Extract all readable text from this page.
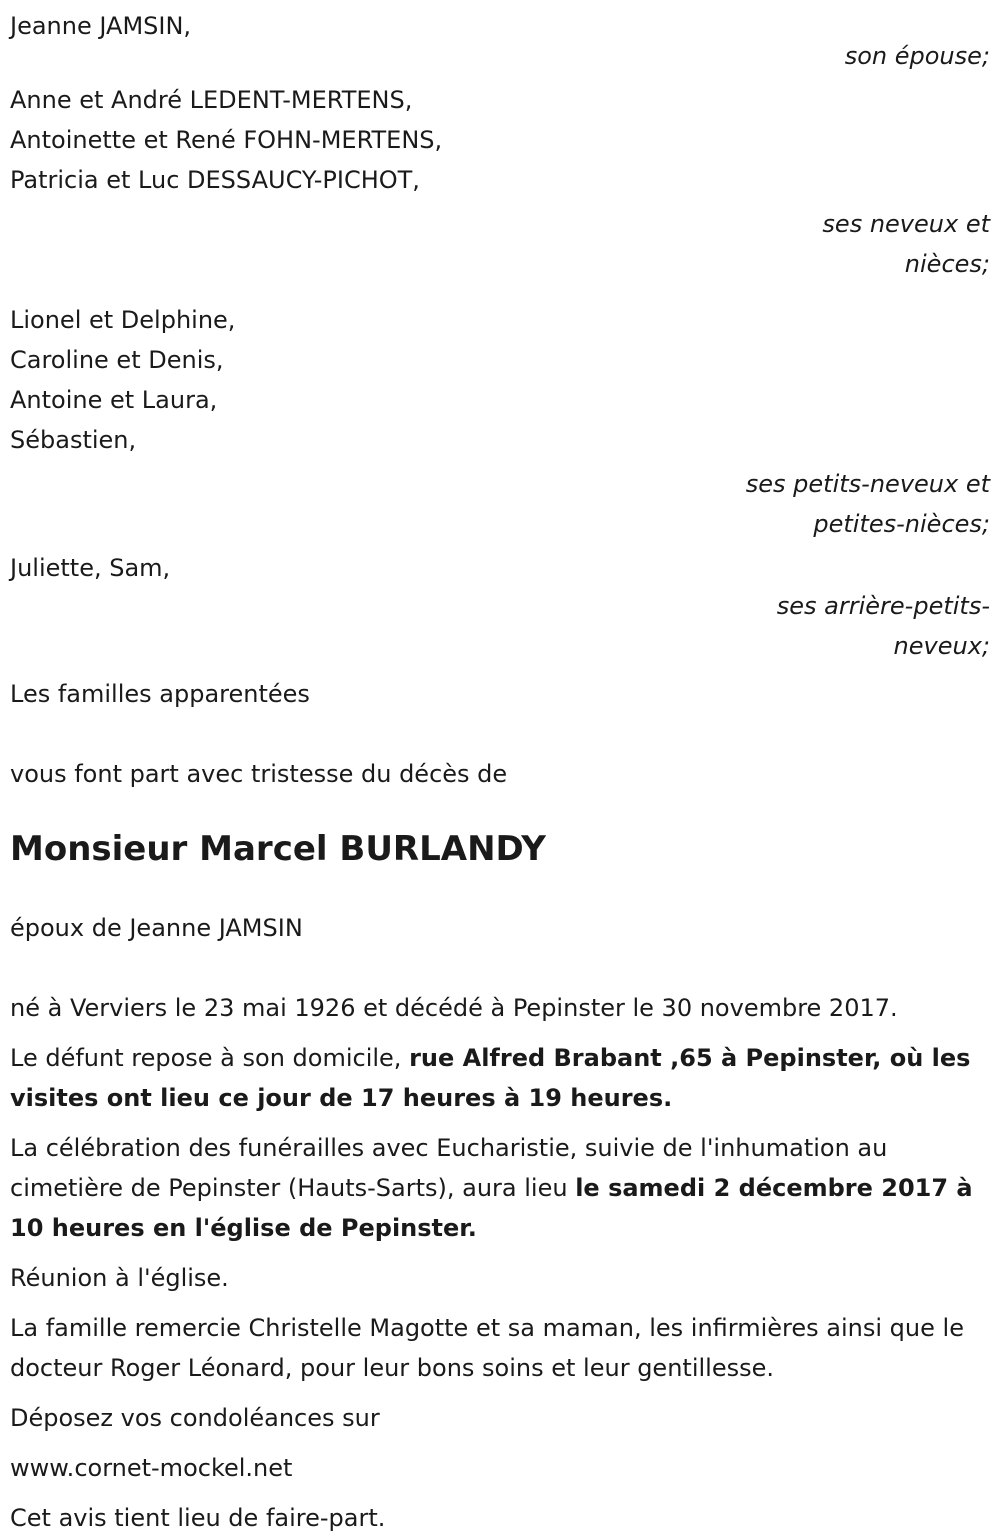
Jeanne JAMSIN,

son épouse;

Anne et André LEDENT-MERTENS,

Antoinette et René FOHN-MERTENS,

Patricia et Luc DESSAUCY-PICHOT,

ses neveux et

nièces;

Lionel et Delphine,

Caroline et Denis,

Antoine et Laura,

Sébastien,

ses petits-neveux et

petites-nièces;

Juliette, Sam,

ses arrière-petits-

neveux;

Les familles apparentées

vous font part avec tristesse du décès de

Monsieur Marcel BURLANDY

époux de Jeanne JAMSIN

né à Verviers le 23 mai 1926 et décédé à Pepinster le 30 novembre 2017.

Le défunt repose à son domicile, rue Alfred Brabant ,65 à Pepinster, où les visites ont lieu ce jour de 17 heures à 19 heures.

La célébration des funérailles avec Eucharistie, suivie de l'inhumation au cimetière de Pepinster (Hauts-Sarts), aura lieu le samedi 2 décembre 2017 à 10 heures en l'église de Pepinster.

Réunion à l'église.

La famille remercie Christelle Magotte et sa maman, les infirmières ainsi que le docteur Roger Léonard, pour leur bons soins et leur gentillesse.

Déposez vos condoléances sur

www.cornet-mockel.net

Cet avis tient lieu de faire-part.
